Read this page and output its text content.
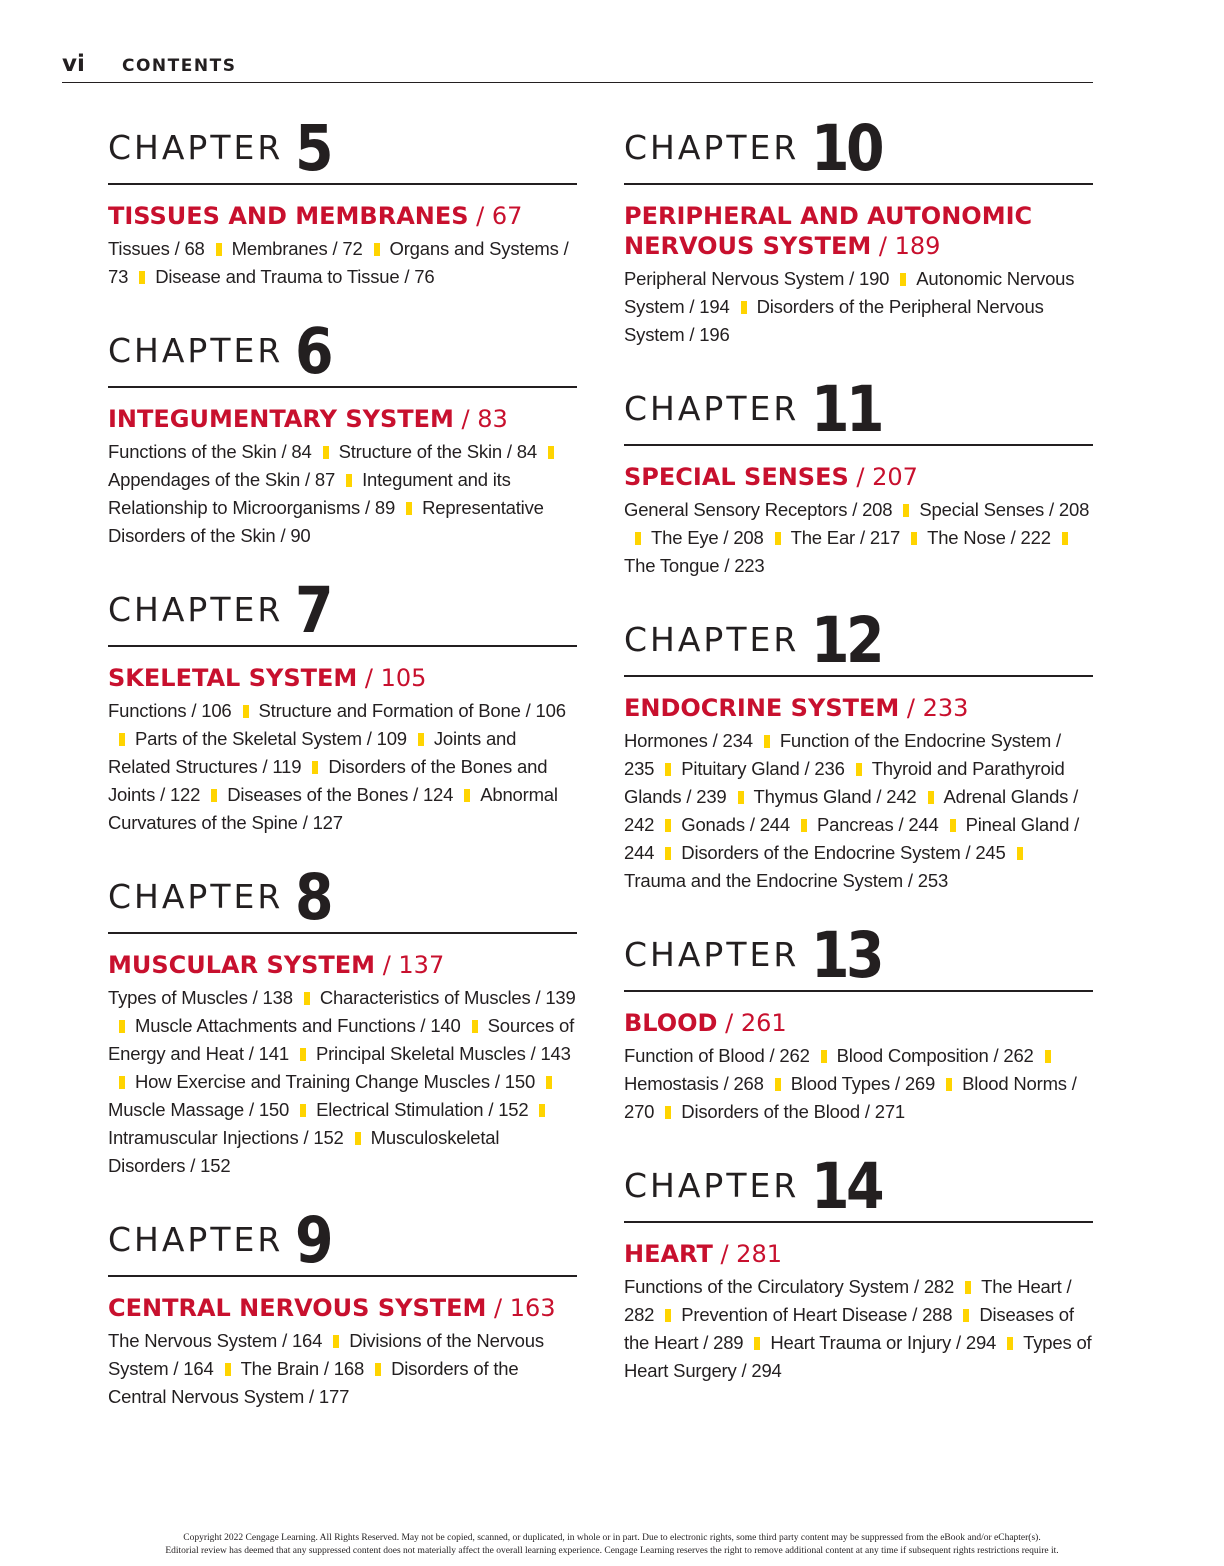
vi CONTENTS
CHAPTER 5
TISSUES AND MEMBRANES / 67
Tissues / 68 Membranes / 72 Organs and Systems / 73 Disease and Trauma to Tissue / 76
CHAPTER 6
INTEGUMENTARY SYSTEM / 83
Functions of the Skin / 84 Structure of the Skin / 84Appendages of the Skin / 87 Integument and its Relationship to Microorganisms / 89 Representative Disorders of the Skin / 90
CHAPTER 7
SKELETAL SYSTEM / 105
Functions / 106 Structure and Formation of Bone / 106Parts of the Skeletal System / 109 Joints and Related Structures / 119 Disorders of the Bones and Joints / 122 Diseases of the Bones / 124 Abnormal Curvatures of the Spine / 127
CHAPTER 8
MUSCULAR SYSTEM / 137
Types of Muscles / 138 Characteristics of Muscles / 139Muscle Attachments and Functions / 140 Sources of Energy and Heat / 141 Principal Skeletal Muscles / 143How Exercise and Training Change Muscles / 150Muscle Massage / 150 Electrical Stimulation / 152Intramuscular Injections / 152 Musculoskeletal Disorders / 152
CHAPTER 9
CENTRAL NERVOUS SYSTEM / 163
The Nervous System / 164 Divisions of the Nervous System / 164 The Brain / 168 Disorders of the Central Nervous System / 177
CHAPTER 10
PERIPHERAL AND AUTONOMIC NERVOUS SYSTEM / 189
Peripheral Nervous System / 190 Autonomic Nervous System / 194 Disorders of the Peripheral Nervous System / 196
CHAPTER 11
SPECIAL SENSES / 207
General Sensory Receptors / 208 Special Senses / 208The Eye / 208 The Ear / 217 The Nose / 222The Tongue / 223
CHAPTER 12
ENDOCRINE SYSTEM / 233
Hormones / 234 Function of the Endocrine System / 235 Pituitary Gland / 236 Thyroid and Parathyroid Glands / 239 Thymus Gland / 242 Adrenal Glands / 242 Gonads / 244 Pancreas / 244 Pineal Gland / 244 Disorders of the Endocrine System / 245Trauma and the Endocrine System / 253
CHAPTER 13
BLOOD / 261
Function of Blood / 262 Blood Composition / 262Hemostasis / 268 Blood Types / 269 Blood Norms / 270 Disorders of the Blood / 271
CHAPTER 14
HEART / 281
Functions of the Circulatory System / 282 The Heart / 282 Prevention of Heart Disease / 288 Diseases of the Heart / 289 Heart Trauma or Injury / 294 Types of Heart Surgery / 294
Copyright 2022 Cengage Learning. All Rights Reserved. May not be copied, scanned, or duplicated, in whole or in part. Due to electronic rights, some third party content may be suppressed from the eBook and/or eChapter(s).
Editorial review has deemed that any suppressed content does not materially affect the overall learning experience. Cengage Learning reserves the right to remove additional content at any time if subsequent rights restrictions require it.
